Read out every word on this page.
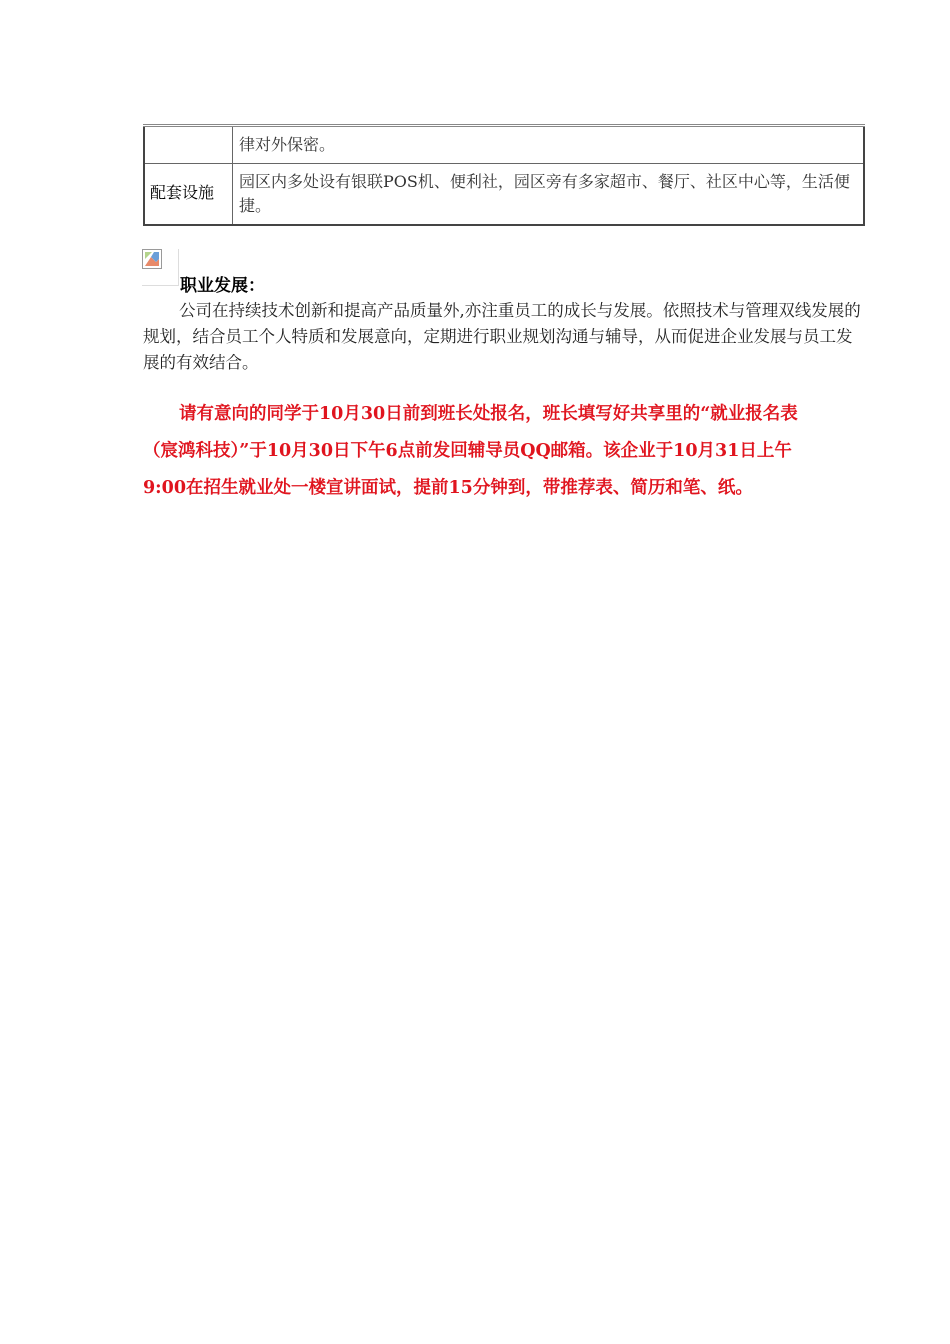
	律对外保密。
配套设施	园区内多处设有银联POS机、便利社，园区旁有多家超市、餐厅、社区中心等，生活便捷。
职业发展：

公司在持续技术创新和提高产品质量外,亦注重员工的成长与发展。依照技术与管理双线发展的规划，结合员工个人特质和发展意向，定期进行职业规划沟通与辅导，从而促进企业发展与员工发展的有效结合。

请有意向的同学于10月30日前到班长处报名，班长填写好共享里的“就业报名表（宸鸿科技）”于10月30日下午6点前发回辅导员QQ邮箱。该企业于10月31日上午9:00在招生就业处一楼宣讲面试，提前15分钟到，带推荐表、简历和笔、纸。
